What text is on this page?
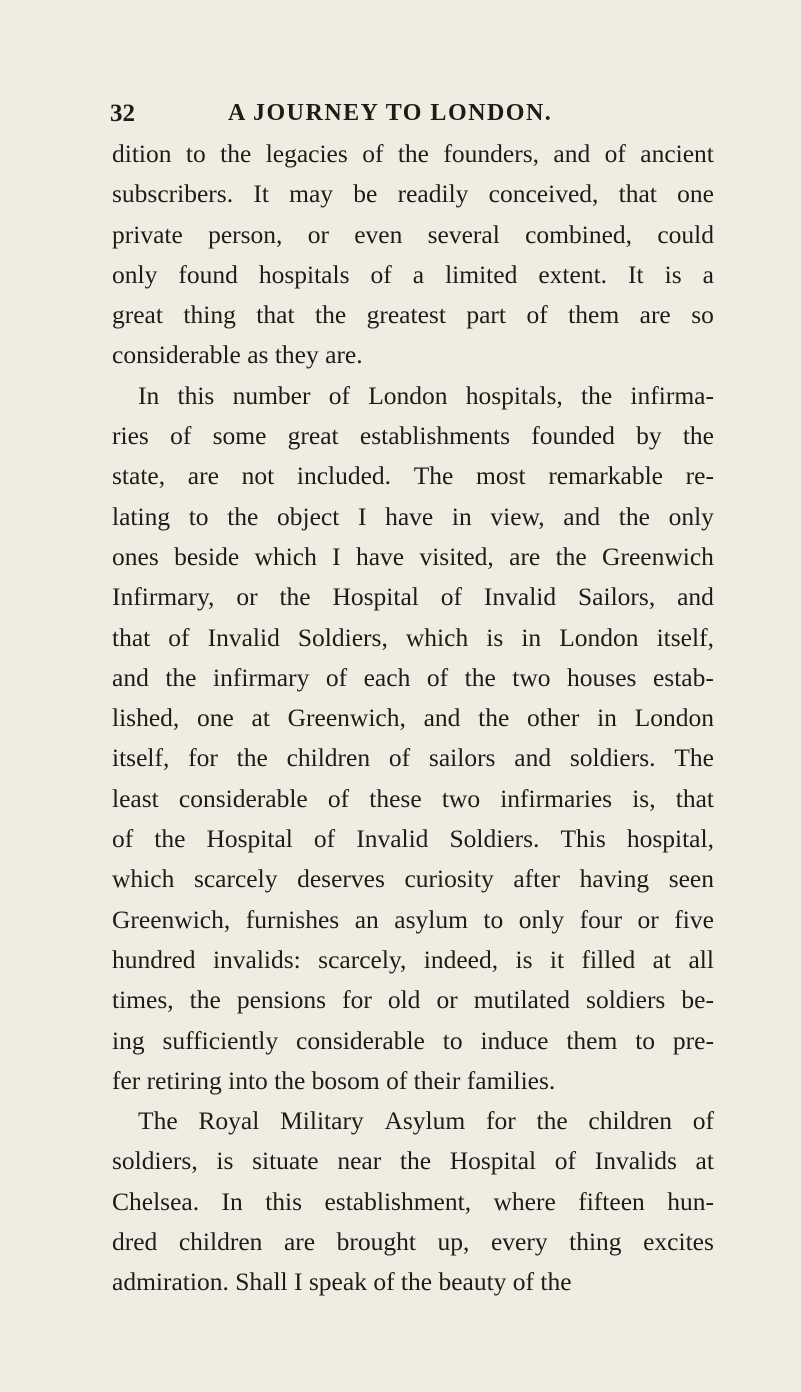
32	A JOURNEY TO LONDON.
dition to the legacies of the founders, and of ancient
subscribers. It may be readily conceived, that one
private person, or even several combined, could
only found hospitals of a limited extent. It is a
great thing that the greatest part of them are so
considerable as they are.
In this number of London hospitals, the infirma-
ries of some great establishments founded by the
state, are not included. The most remarkable re-
lating to the object I have in view, and the only
ones beside which I have visited, are the Greenwich
Infirmary, or the Hospital of Invalid Sailors, and
that of Invalid Soldiers, which is in London itself,
and the infirmary of each of the two houses estab-
lished, one at Greenwich, and the other in London
itself, for the children of sailors and soldiers. The
least considerable of these two infirmaries is, that
of the Hospital of Invalid Soldiers. This hospital,
which scarcely deserves curiosity after having seen
Greenwich, furnishes an asylum to only four or five
hundred invalids: scarcely, indeed, is it filled at all
times, the pensions for old or mutilated soldiers be-
ing sufficiently considerable to induce them to pre-
fer retiring into the bosom of their families.
The Royal Military Asylum for the children of
soldiers, is situate near the Hospital of Invalids at
Chelsea. In this establishment, where fifteen hun-
dred children are brought up, every thing excites
admiration. Shall I speak of the beauty of the
